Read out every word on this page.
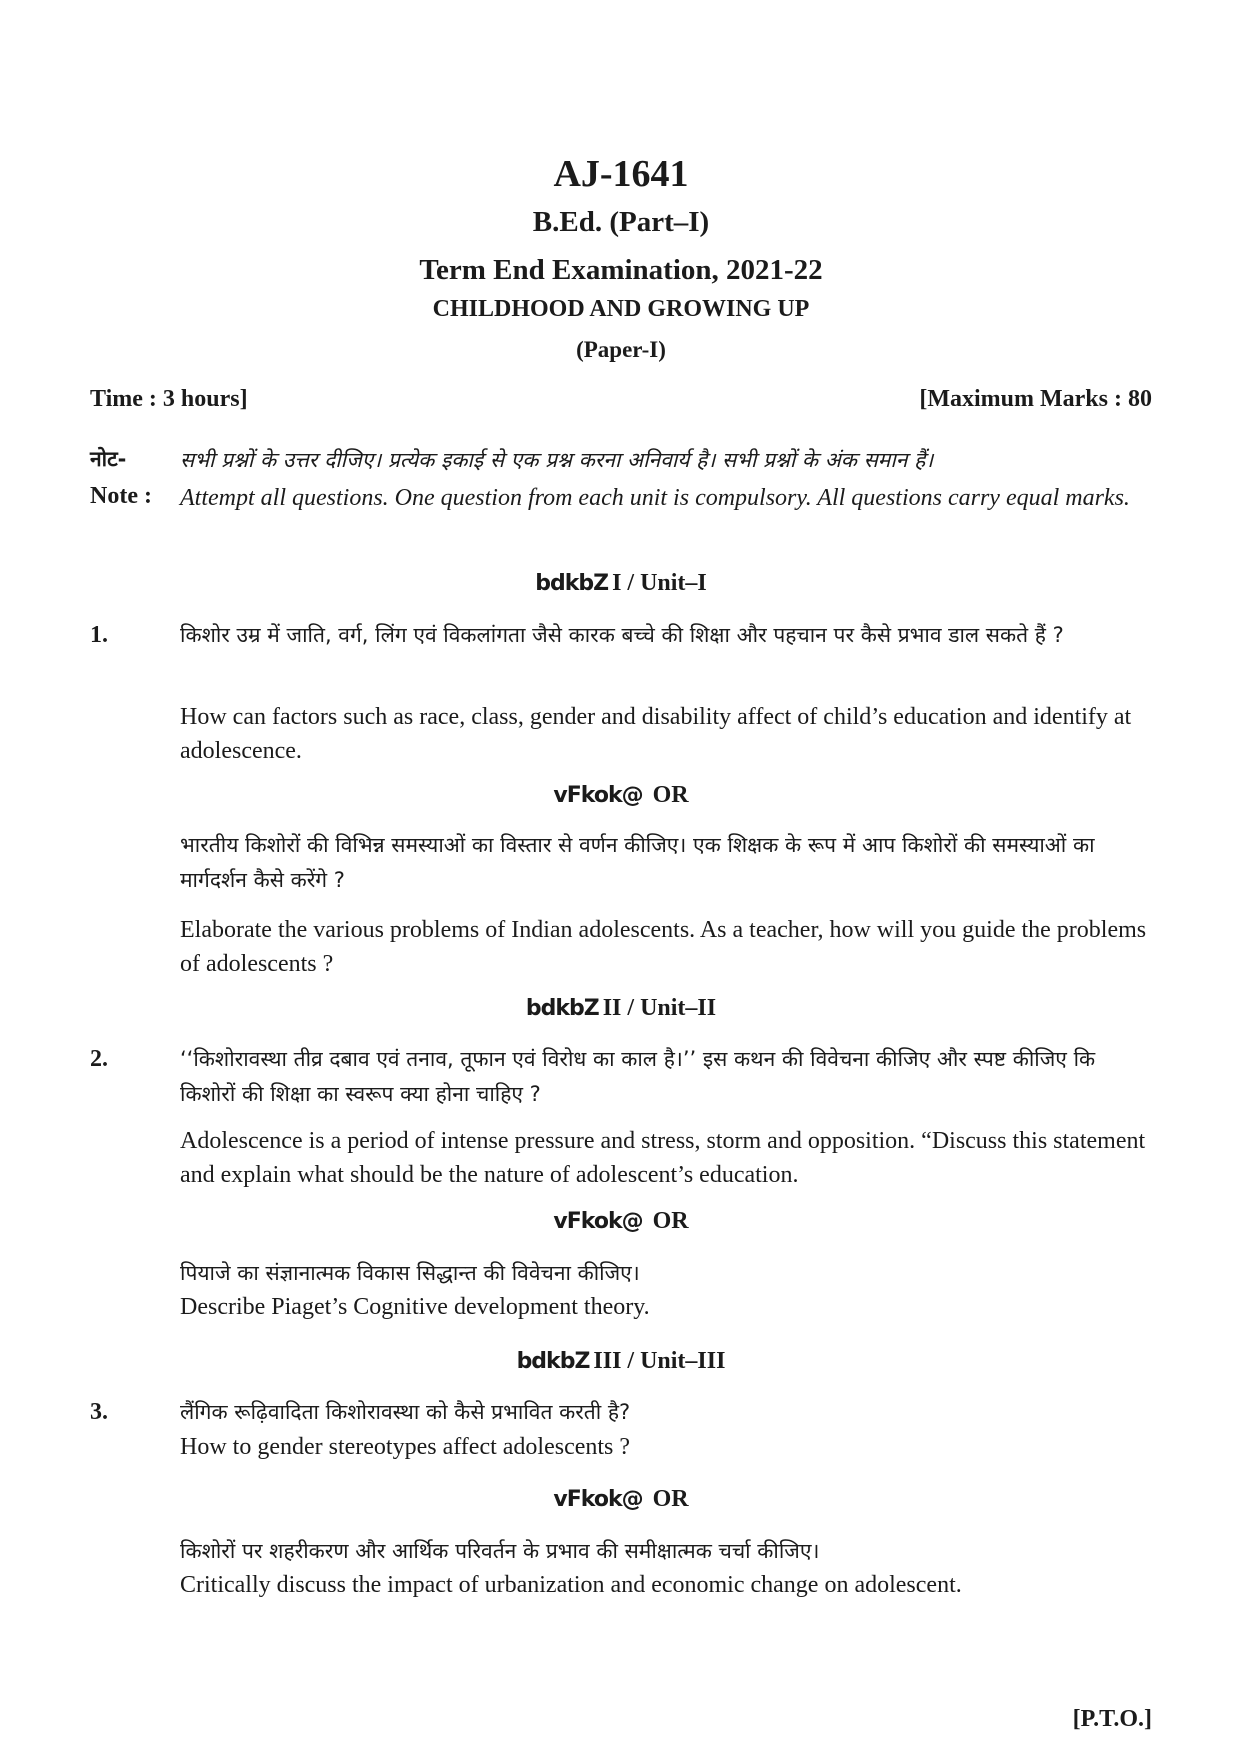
AJ-1641
B.Ed. (Part–I)
Term End Examination, 2021-22
CHILDHOOD AND GROWING UP
(Paper-I)
Time : 3 hours]	[Maximum Marks : 80
नोट-	सभी प्रश्नों के उत्तर दीजिए। प्रत्येक इकाई से एक प्रश्न करना अनिवार्य है। सभी प्रश्नों के अंक समान हैं।
Note : Attempt all questions. One question from each unit is compulsory. All questions carry equal marks.
bdkbZ I / Unit–I
1.	किशोर उम्र में जाति, वर्ग, लिंग एवं विकलांगता जैसे कारक बच्चे की शिक्षा और पहचान पर कैसे प्रभाव डाल सकते हैं ?
How can factors such as race, class, gender and disability affect of child’s education and identify at adolescence.
vFkok@ OR
भारतीय किशोरों की विभिन्न समस्याओं का विस्तार से वर्णन कीजिए। एक शिक्षक के रूप में आप किशोरों की समस्याओं का मार्गदर्शन कैसे करेंगे ?
Elaborate the various problems of Indian adolescents. As a teacher, how will you guide the problems of adolescents ?
bdkbZ II / Unit–II
2.	‘‘किशोरावस्था तीव्र दबाव एवं तनाव, तूफान एवं विरोध का काल है।’’ इस कथन की विवेचना कीजिए और स्पष्ट कीजिए कि किशोरों की शिक्षा का स्वरूप क्या होना चाहिए ?
Adolescence is a period of intense pressure and stress, storm and opposition. “Discuss this statement and explain what should be the nature of adolescent’s education.
vFkok@ OR
पियाजे का संज्ञानात्मक विकास सिद्धान्त की विवेचना कीजिए।
Describe Piaget’s Cognitive development theory.
bdkbZ III / Unit–III
3.	लैंगिक रूढ़िवादिता किशोरावस्था को कैसे प्रभावित करती है?
How to gender stereotypes affect adolescents ?
vFkok@ OR
किशोरों पर शहरीकरण और आर्थिक परिवर्तन के प्रभाव की समीक्षात्मक चर्चा कीजिए।
Critically discuss the impact of urbanization and economic change on adolescent.
[P.T.O.]
